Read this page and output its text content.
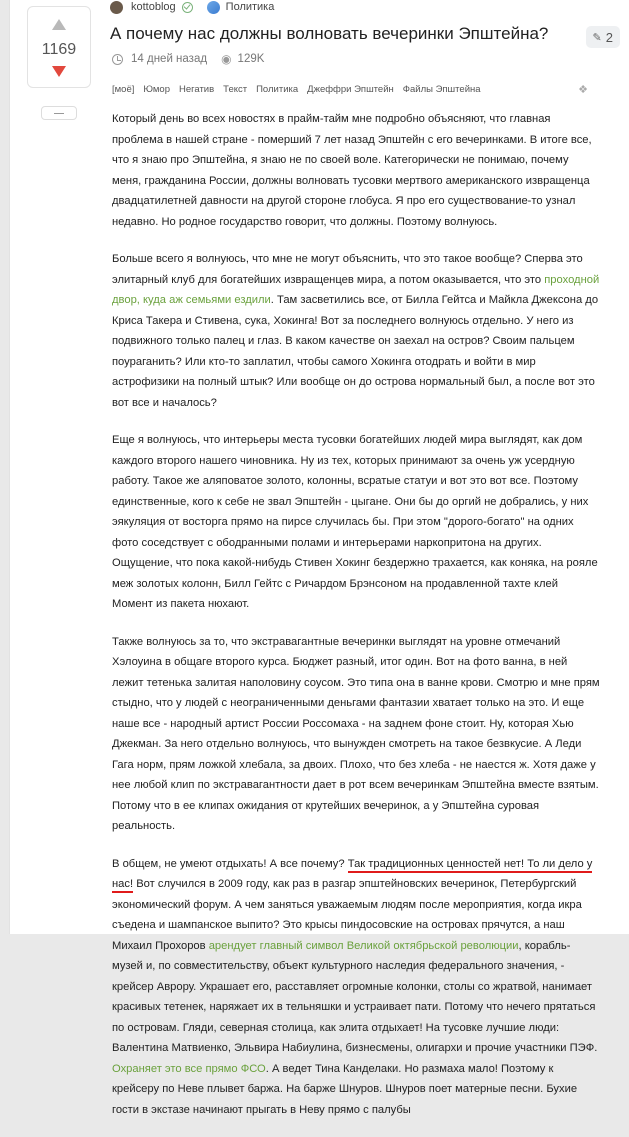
1169
kottoblog	Политика
А почему нас должны волновать вечеринки Эпштейна?	✎ 2
14 дней назад ◉ 129K
[моё] Юмор Негатив Текст Политика Джеффри Эпштейн Файлы Эпштейна	❖

Который день во всех новостях в прайм-тайм мне подробно объясняют, что главная проблема в нашей стране - померший 7 лет назад Эпштейн с его вечеринками. В итоге все, что я знаю про Эпштейна, я знаю не по своей воле. Категорически не понимаю, почему меня, гражданина России, должны волновать тусовки мертвого американского извращенца двадцатилетней давности на другой стороне глобуса. Я про его существование-то узнал недавно. Но родное государство говорит, что должны. Поэтому волнуюсь.

Больше всего я волнуюсь, что мне не могут объяснить, что это такое вообще? Сперва это элитарный клуб для богатейших извращенцев мира, а потом оказывается, что это проходной двор, куда аж семьями ездили. Там засветились все, от Билла Гейтса и Майкла Джексона до Криса Такера и Стивена, сука, Хокинга! Вот за последнего волнуюсь отдельно. У него из подвижного только палец и глаз. В каком качестве он заехал на остров? Своим пальцем поураганить? Или кто-то заплатил, чтобы самого Хокинга отодрать и войти в мир астрофизики на полный штык? Или вообще он до острова нормальный был, а после вот это вот все и началось?

Еще я волнуюсь, что интерьеры места тусовки богатейших людей мира выглядят, как дом каждого второго нашего чиновника. Ну из тех, которых принимают за очень уж усердную работу. Такое же аляповатое золото, колонны, всратые статуи и вот это вот все. Поэтому единственные, кого к себе не звал Эпштейн - цыгане. Они бы до оргий не добрались, у них эякуляция от восторга прямо на пирсе случилась бы. При этом "дорого-богато" на одних фото соседствует с ободранными полами и интерьерами наркопритона на других. Ощущение, что пока какой-нибудь Стивен Хокинг бездержно трахается, как коняка, на рояле меж золотых колонн, Билл Гейтс с Ричардом Брэнсоном на продавленной тахте клей Момент из пакета нюхают.

Также волнуюсь за то, что экстравагантные вечеринки выглядят на уровне отмечаний Хэлоуина в общаге второго курса. Бюджет разный, итог один. Вот на фото ванна, в ней лежит тетенька залитая наполовину соусом. Это типа она в ванне крови. Смотрю и мне прям стыдно, что у людей с неограниченными деньгами фантазии хватает только на это. И еще наше все - народный артист России Россомаха - на заднем фоне стоит. Ну, которая Хью Джекман. За него отдельно волнуюсь, что вынужден смотреть на такое безвкусие. А Леди Гага норм, прям ложкой хлебала, за двоих. Плохо, что без хлеба - не наестся ж. Хотя даже у нее любой клип по экстравагантности дает в рот всем вечеринкам Эпштейна вместе взятым. Потому что в ее клипах ожидания от крутейших вечеринок, а у Эпштейна суровая реальность.

В общем, не умеют отдыхать! А все почему? Так традиционных ценностей нет! То ли дело у нас! Вот случился в 2009 году, как раз в разгар эпштейновских вечеринок, Петербургский экономический форум. А чем заняться уважаемым людям после мероприятия, когда икра съедена и шампанское выпито? Это крысы пиндосовские на островах прячутся, а наш Михаил Прохоров арендует главный символ Великой октябрьской революции, корабль-музей и, по совместительству, объект культурного наследия федерального значения, - крейсер Аврору. Украшает его, расставляет огромные колонки, столы со жратвой, нанимает красивых тетенек, наряжает их в тельняшки и устраивает пати. Потому что нечего прятаться по островам. Гляди, северная столица, как элита отдыхает! На тусовке лучшие люди: Валентина Матвиенко, Эльвира Набиулина, бизнесмены, олигархи и прочие участники ПЭФ. Охраняет это все прямо ФСО. А ведет Тина Канделаки. Но размаха мало! Поэтому к крейсеру по Неве плывет баржа. На барже Шнуров. Шнуров поет матерные песни. Бухие гости в экстазе начинают прыгать в Неву прямо с палубы
